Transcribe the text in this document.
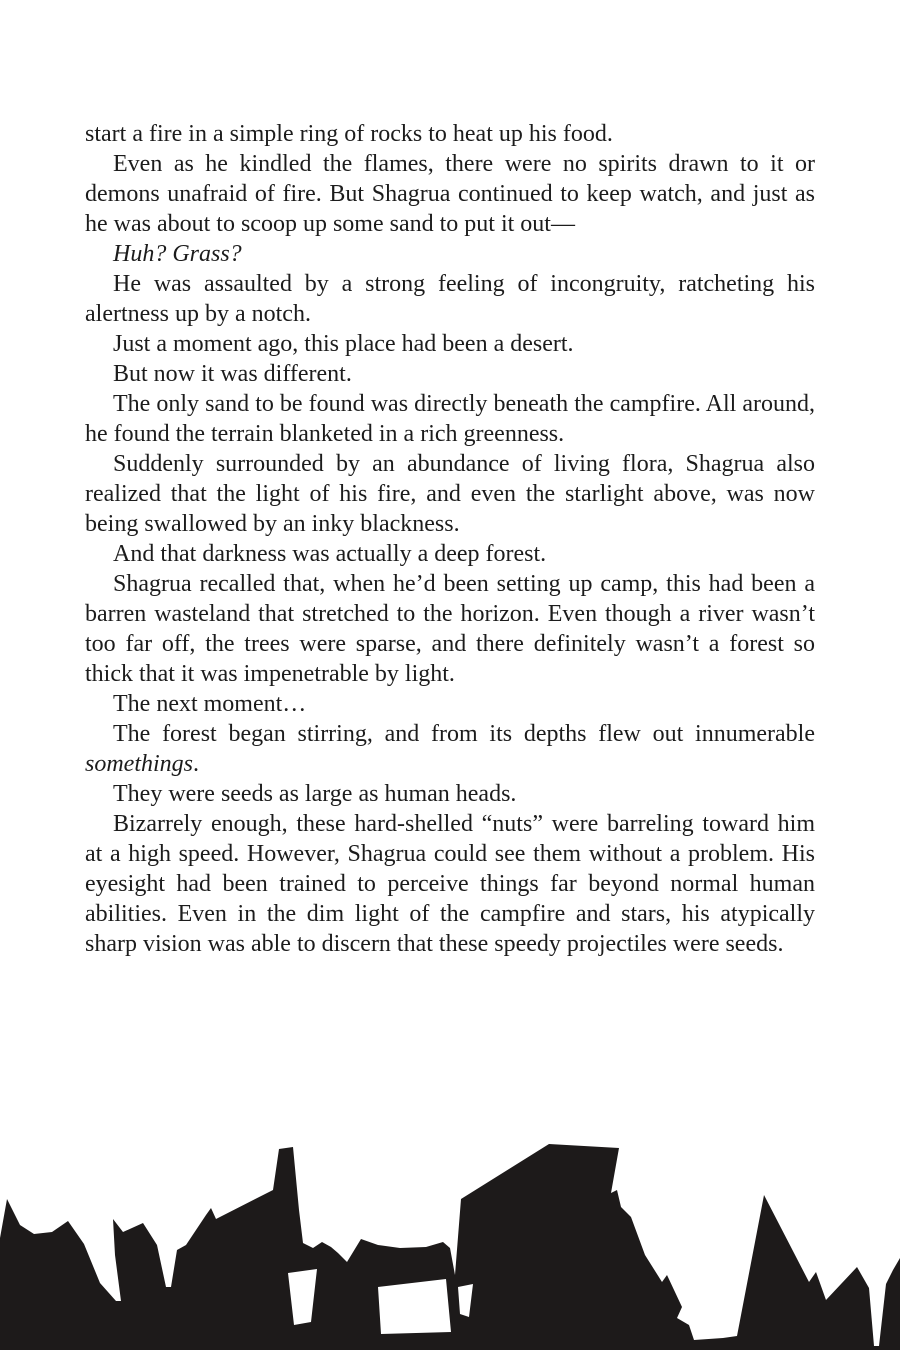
start a fire in a simple ring of rocks to heat up his food.

Even as he kindled the flames, there were no spirits drawn to it or demons unafraid of fire. But Shagrua continued to keep watch, and just as he was about to scoop up some sand to put it out—

Huh? Grass?

He was assaulted by a strong feeling of incongruity, ratcheting his alertness up by a notch.

Just a moment ago, this place had been a desert.

But now it was different.

The only sand to be found was directly beneath the campfire. All around, he found the terrain blanketed in a rich greenness.

Suddenly surrounded by an abundance of living flora, Shagrua also realized that the light of his fire, and even the starlight above, was now being swallowed by an inky blackness.

And that darkness was actually a deep forest.

Shagrua recalled that, when he’d been setting up camp, this had been a barren wasteland that stretched to the horizon. Even though a river wasn’t too far off, the trees were sparse, and there definitely wasn’t a forest so thick that it was impenetrable by light.

The next moment…

The forest began stirring, and from its depths flew out innumerable somethings.

They were seeds as large as human heads.

Bizarrely enough, these hard-shelled “nuts” were barreling toward him at a high speed. However, Shagrua could see them without a problem. His eyesight had been trained to perceive things far beyond normal human abilities. Even in the dim light of the campfire and stars, his atypically sharp vision was able to discern that these speedy projectiles were seeds.
